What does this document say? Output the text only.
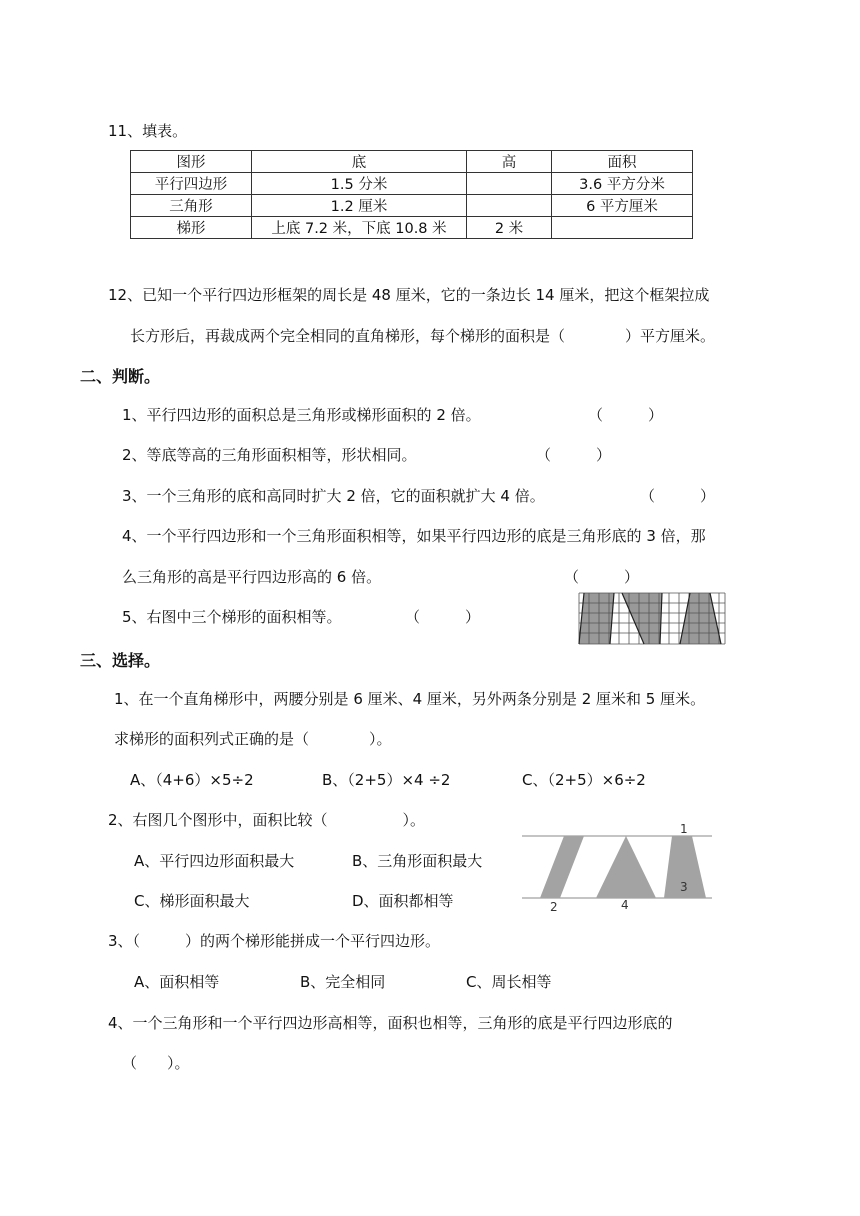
11、填表。
图形	底	高	面积
平行四边形	1.5 分米		3.6 平方分米
三角形	1.2 厘米		6 平方厘米
梯形	上底 7.2 米，下底 10.8 米	2 米	
12、已知一个平行四边形框架的周长是 48 厘米，它的一条边长 14 厘米，把这个框架拉成
长方形后，再裁成两个完全相同的直角梯形，每个梯形的面积是（　　　　）平方厘米。
二、判断。
1、平行四边形的面积总是三角形或梯形面积的 2 倍。	（　　　）
2、等底等高的三角形面积相等，形状相同。	（　　　）
3、一个三角形的底和高同时扩大 2 倍，它的面积就扩大 4 倍。	（　　　）
4、一个平行四边形和一个三角形面积相等，如果平行四边形的底是三角形底的 3 倍，那
么三角形的高是平行四边形高的 6 倍。	（　　　）
5、右图中三个梯形的面积相等。	（　　　）
三、选择。
1、在一个直角梯形中，两腰分别是 6 厘米、4 厘米，另外两条分别是 2 厘米和 5 厘米。
求梯形的面积列式正确的是（　　　　）。
A、（4+6）×5÷2	B、（2+5）×4 ÷2	C、（2+5）×6÷2
2、右图几个图形中，面积比较（　　　　　）。
A、平行四边形面积最大	B、三角形面积最大
C、梯形面积最大	D、面积都相等
1
2
3
4
3、（　　　）的两个梯形能拼成一个平行四边形。
A、面积相等	B、完全相同	C、周长相等
4、一个三角形和一个平行四边形高相等，面积也相等，三角形的底是平行四边形底的
（　　）。
